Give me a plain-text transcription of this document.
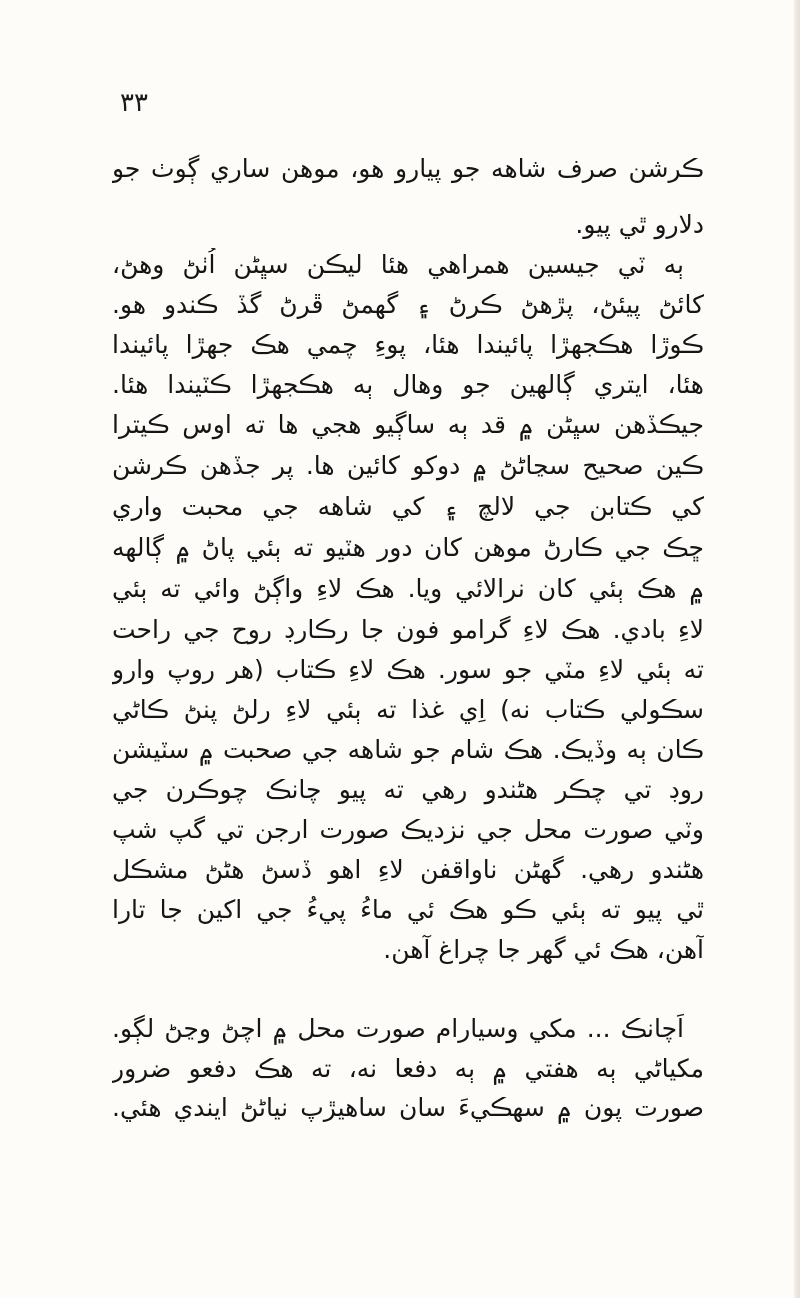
٣٣
ڪرشن صرف شاهه جو پيارو هو، موهن ساري ڳوٺ جو
دلارو ٿي پيو.
ٻه ٽي جيسين همراهي هئا ليڪن سڀڻن اُٺڻ وهڻ،
کائڻ پيئڻ، پڙهڻ ڪرڻ ۽ گهمڻ ڦرڻ گڏ ڪندو هو.
ڪوڙا هڪجهڙا پائيندا هئا، پوءِ چمي هڪ جهڙا پائيندا
هئا، ايتري ڳالهين جو وهال ٻه هڪجهڙا ڪٽيندا هئا.
جيڪڏهن سڀڻن ۾ قد ٻه ساڳيو هجي ها ته اوس ڪيترا
ڪين صحيح سڃاڻڻ ۾ دوکو کائين ها. پر جڏهن ڪرشن
کي ڪتابن جي لالچ ۽ کي شاهه جي محبت واري
ڇڪ جي ڪارڻ موهن کان دور هٽيو ته ٻئي پاڻ ۾ ڳالهه
۾ هڪ ٻئي کان نرالائي ويا. هڪ لاءِ واڳڻ وائي ته ٻئي
لاءِ بادي. هڪ لاءِ گرامو فون جا رڪارڊ روح جي راحت
ته ٻئي لاءِ مٽي جو سور. هڪ لاءِ ڪتاب (هر روپ وارو
سڪولي ڪتاب نه) اِي غذا ته ٻئي لاءِ رلڻ پنڻ ڪاڻي
ڪان ٻه وڏيڪ. هڪ شام جو شاهه جي صحبت ۾ سٽيشن
روڊ تي چڪر هڻندو رهي ته پيو چانڪ چوڪرن جي
وٽي صورت محل جي نزديڪ صورت ارجن تي گپ شپ
هڻندو رهي. گهڻن ناواقفن لاءِ اهو ڏسڻ هڻڻ مشڪل
ٿي پيو ته ٻئي ڪو هڪ ئي ماءُ پيءُ جي اکين جا تارا
آهن، هڪ ئي گهر جا چراغ آهن.
اَچانڪ ... مکي وسيارام صورت محل ۾ اچڻ وڃڻ لڳو.
مکياڻي ٻه هفتي ۾ ٻه دفعا نه، ته هڪ دفعو ضرور
صورت پون ۾ سهڪيءَ سان ساهيڙپ نياڻڻ ايندي هئي.
